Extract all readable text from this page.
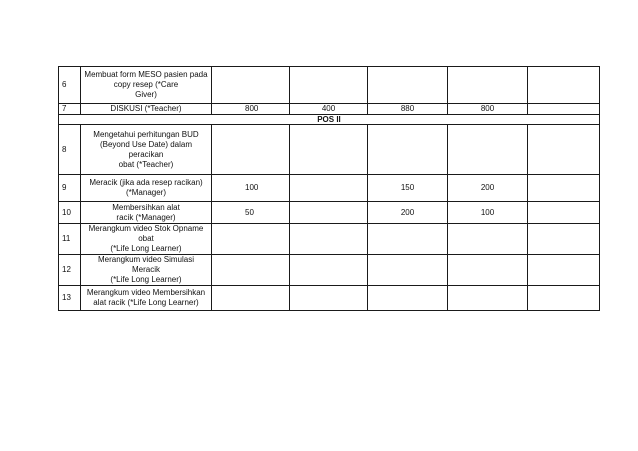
6	Membuat form MESO pasien pada
copy resep (*Care
Giver)					
7	DISKUSI (*Teacher)	800	400	880	800	
POS II						
8	Mengetahui perhitungan BUD
(Beyond Use Date) dalam
peracikan
obat (*Teacher)					
9	Meracik (jika ada resep racikan)
(*Manager)	100		150	200	
10	Membersihkan alat
racik (*Manager)	50		200	100	
11	Merangkum video Stok Opname
obat
(*Life Long Learner)					
12	Merangkum video Simulasi
Meracik
(*Life Long Learner)					
13	Merangkum video Membersihkan
alat racik (*Life Long Learner)					
